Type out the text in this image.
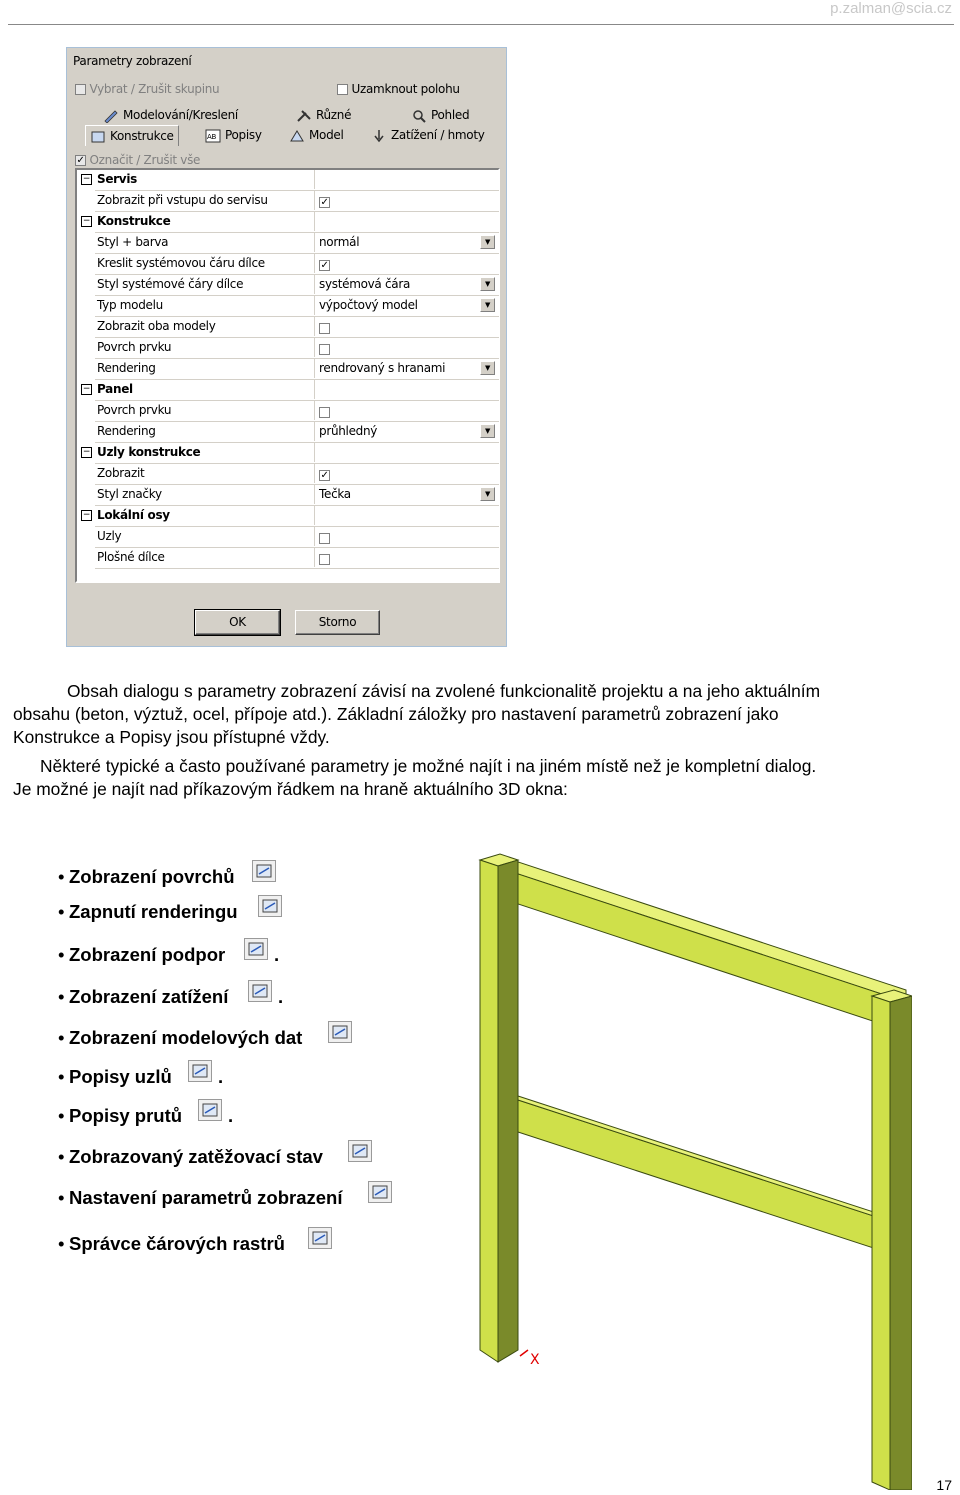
p.zalman@scia.cz
Parametry zobrazení
Vybrat / Zrušit skupinu	Uzamknout polohu
Modelování/Kreslení	Různé	Pohled
Konstrukce	AB Popisy	Model	Zatížení / hmoty
✓ Označit / Zrušit vše
Servis
−
Zobrazit při vstupu do servisu	✓
Konstrukce
−
Styl + barva	normál	▼
Kreslit systémovou čáru dílce	✓
Styl systémové čáry dílce	systémová čára	▼
Typ modelu	výpočtový model	▼
Zobrazit oba modely
Povrch prvku
Rendering	rendrovaný s hranami	▼
Panel
−
Povrch prvku
Rendering	průhledný	▼
Uzly konstrukce
−
Zobrazit	✓
Styl značky	Tečka	▼
Lokální osy
−
Uzly
Plošné dílce
OK	Storno
Obsah dialogu s parametry zobrazení závisí na zvolené funkcionalitě projektu a na jeho aktuálním
obsahu (beton, výztuž, ocel, přípoje atd.). Základní záložky pro nastavení parametrů zobrazení jako
Konstrukce a Popisy jsou přístupné vždy.
Některé typické a často používané parametry je možné najít i na jiném místě než je kompletní dialog.
Je možné je najít nad příkazovým řádkem na hraně aktuálního 3D okna:
• Zobrazení povrchů
• Zapnutí renderingu
• Zobrazení podpor	.
• Zobrazení zatížení	.
• Zobrazení modelových dat
• Popisy uzlů .
• Popisy prutů .
• Zobrazovaný zatěžovací stav
• Nastavení parametrů zobrazení
• Správce čárových rastrů
X
17
